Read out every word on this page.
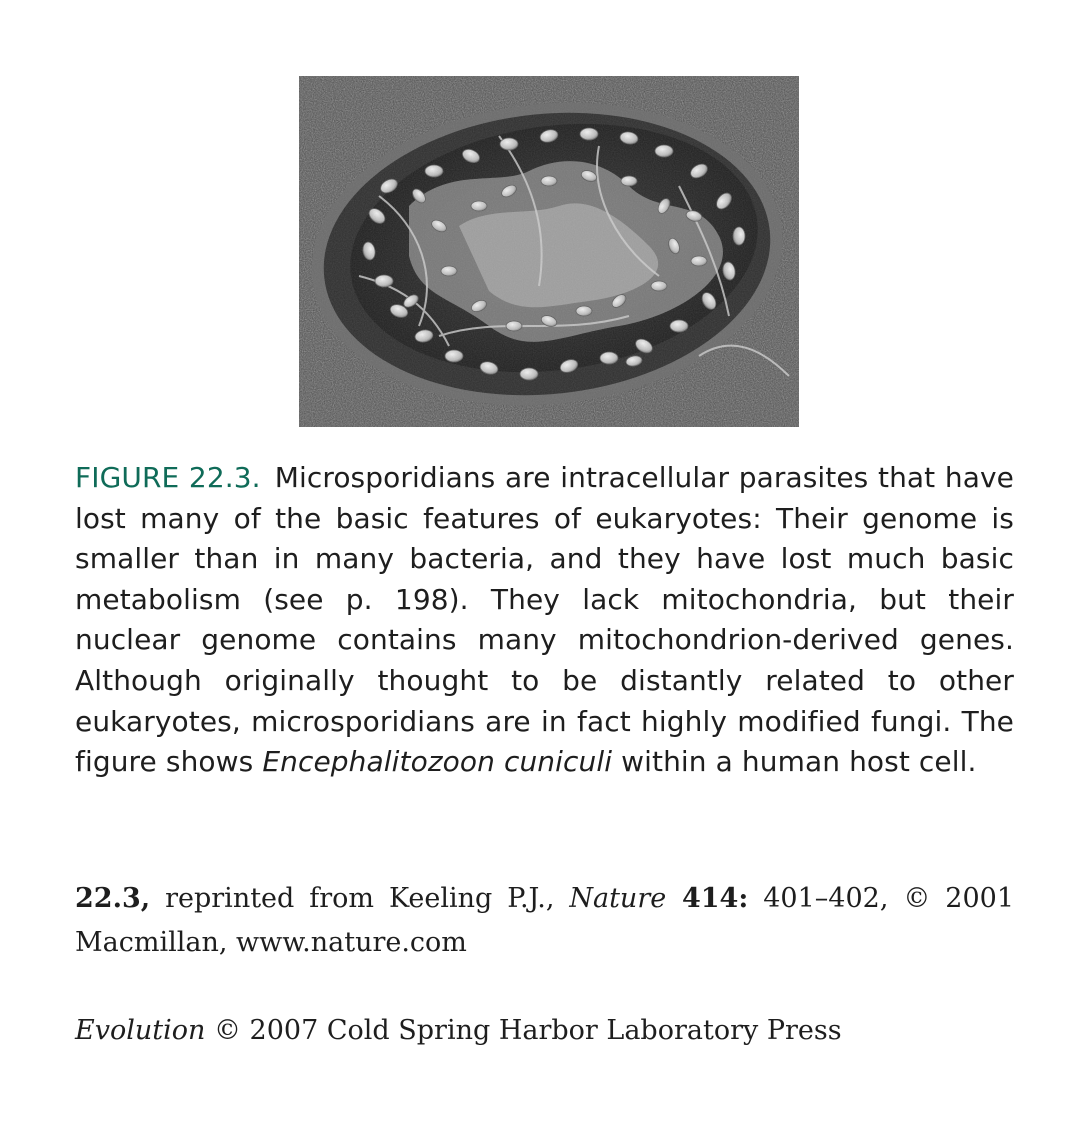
FIGURE 22.3. Microsporidians are intracellular parasites that have lost many of the basic features of eukaryotes: Their genome is smaller than in many bacteria, and they have lost much basic metabolism (see p. 198). They lack mitochondria, but their nuclear genome contains many mitochondrion-derived genes. Although originally thought to be distantly related to other eukaryotes, microsporidians are in fact highly modified fungi. The figure shows Encephalitozoon cuniculi within a human host cell.

22.3, reprinted from Keeling P.J., Nature 414: 401–402, © 2001 Macmillan, www.nature.com

Evolution © 2007 Cold Spring Harbor Laboratory Press
